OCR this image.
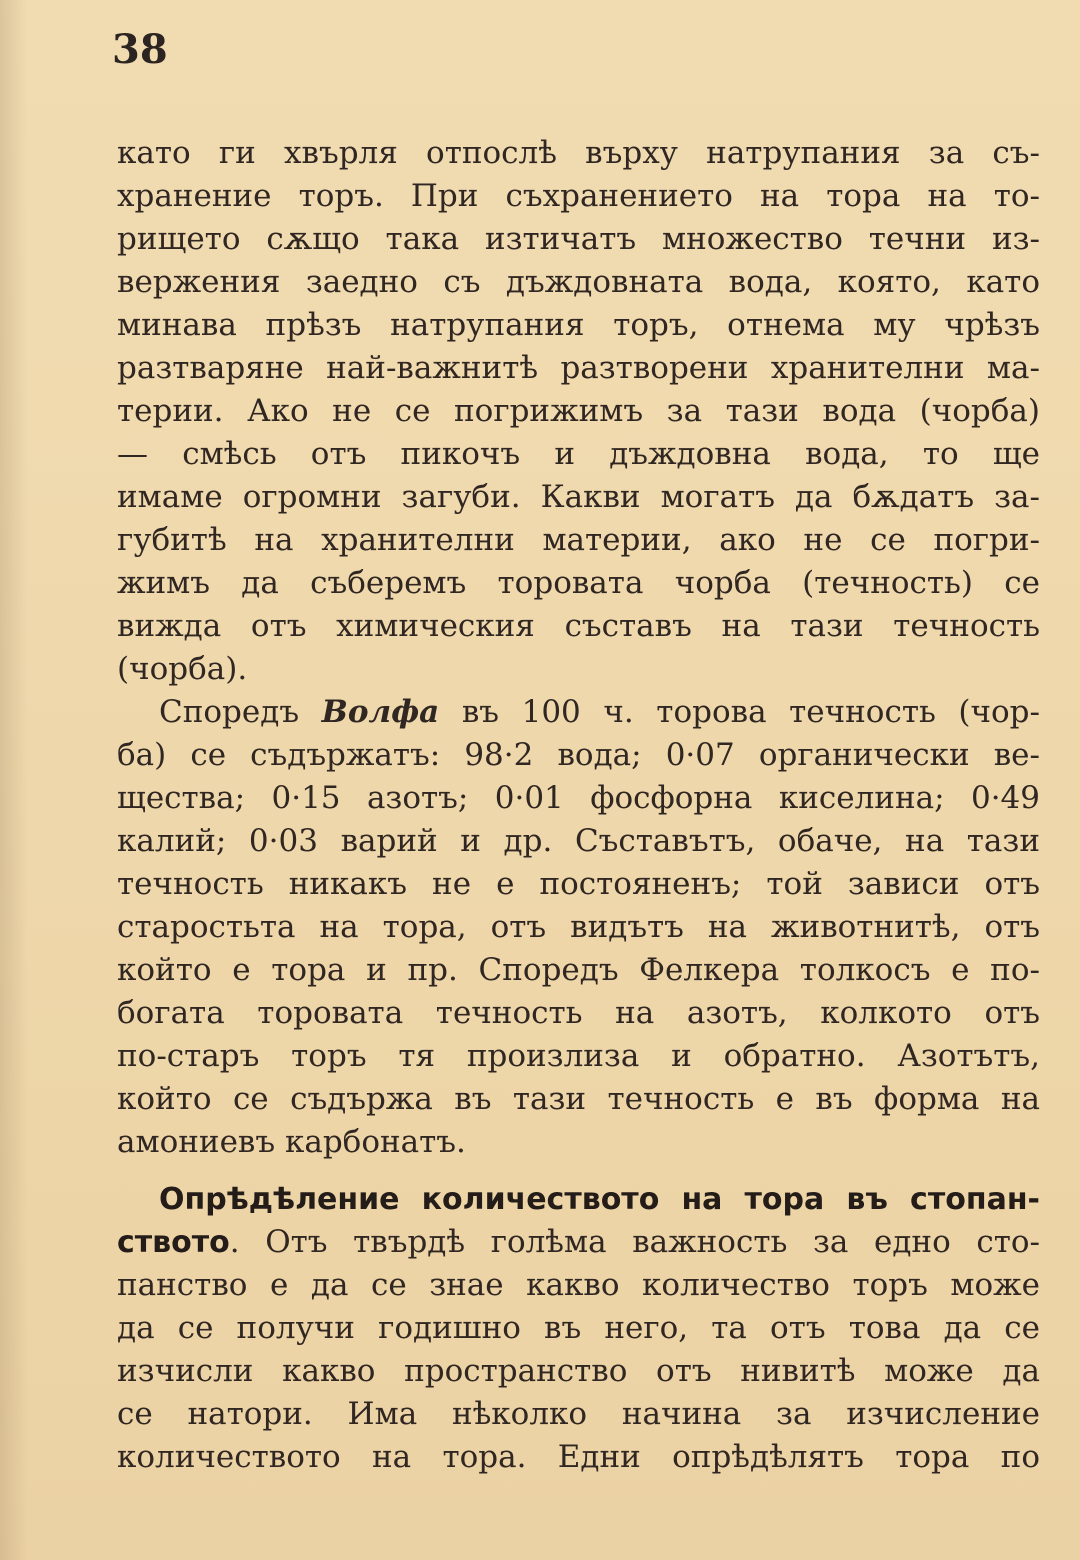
38
като ги хвърля отпослѣ върху натрупания за съ-
хранение торъ. При съхранението на тора на то-
рището сѫщо така изтичатъ множество течни из-
вержения заедно съ дъждовната вода, която, като
минава прѣзъ натрупания торъ, отнема му чрѣзъ
разтваряне най-важнитѣ разтворени хранителни ма-
терии. Ако не се погрижимъ за тази вода (чорба)
— смѣсь отъ пикочъ и дъждовна вода, то ще
имаме огромни загуби. Какви могатъ да бѫдатъ за-
губитѣ на хранителни материи, ако не се погри-
жимъ да съберемъ торовата чорба (течность) се
вижда отъ химическия съставъ на тази течность
(чорба).
Споредъ Волфа въ 100 ч. торова течность (чор-
ба) се съдържатъ: 98·2 вода; 0·07 органически ве-
щества; 0·15 азотъ; 0·01 фосфорна киселина; 0·49
калий; 0·03 варий и др. Съставътъ, обаче, на тази
течность никакъ не е постояненъ; той зависи отъ
старостьта на тора, отъ видътъ на животнитѣ, отъ
който е тора и пр. Споредъ Фелкера толкосъ е по-
богата торовата течность на азотъ, колкото отъ
по-старъ торъ тя произлиза и обратно. Азотътъ,
който се съдържа въ тази течность е въ форма на
амониевъ карбонатъ.
Опрѣдѣление количеството на тора въ стопан-
ството. Отъ твърдѣ голѣма важность за едно сто-
панство е да се знае какво количество торъ може
да се получи годишно въ него, та отъ това да се
изчисли какво пространство отъ нивитѣ може да
се натори. Има нѣколко начина за изчисление
количеството на тора. Едни опрѣдѣлятъ тора по
